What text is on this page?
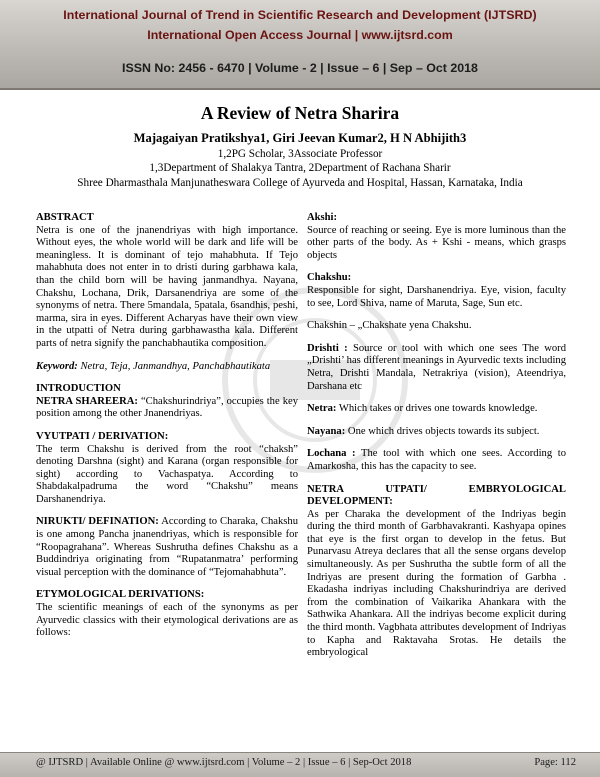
International Journal of Trend in Scientific Research and Development (IJTSRD)
International Open Access Journal | www.ijtsrd.com
ISSN No: 2456 - 6470 | Volume - 2 | Issue – 6 | Sep – Oct 2018
A Review of Netra Sharira
Majagaiyan Pratikshya1, Giri Jeevan Kumar2, H N Abhijith3
1,2PG Scholar, 3Associate Professor
1,3Department of Shalakya Tantra, 2Department of Rachana Sharir
Shree Dharmasthala Manjunatheswara College of Ayurveda and Hospital, Hassan, Karnataka, India
ABSTRACT

Netra is one of the jnanendriyas with high importance. Without eyes, the whole world will be dark and life will be meaningless. It is dominant of tejo mahabhuta. If Tejo mahabhuta does not enter in to dristi during garbhawa kala, than the child born will be having janmandhya. Nayana, Chakshu, Lochana, Drik, Darsanendriya are some of the synonyms of netra. There 5mandala, 5patala, 6sandhis, peshi, marma, sira in eyes. Different Acharyas have their own view in the utpatti of Netra during garbhawastha kala. Different parts of netra signify the panchabhautika composition.

Keyword: Netra, Teja, Janmandhya, Panchabhautikata

INTRODUCTION

NETRA SHAREERA: “Chakshurindriya”, occupies the key position among the other Jnanendriyas.

VYUTPATI / DERIVATION:

The term Chakshu is derived from the root “chaksh” denoting Darshna (sight) and Karana (organ responsible for sight) according to Vachaspatya. According to Shabdakalpadruma the word “Chakshu” means Darshanendriya.

NIRUKTI/ DEFINATION: According to Charaka, Chakshu is one among Pancha jnanendriyas, which is responsible for “Roopagrahana”. Whereas Sushrutha defines Chakshu as a Buddindriya originating from “Rupatanmatra’ performing visual perception with the dominance of “Tejomahabhuta”.

ETYMOLOGICAL DERIVATIONS:

The scientific meanings of each of the synonyms as per Ayurvedic classics with their etymological derivations are as follows:

Akshi:

Source of reaching or seeing. Eye is more luminous than the other parts of the body. As + Kshi - means, which grasps objects

Chakshu:

Responsible for sight, Darshanendriya. Eye, vision, faculty to see, Lord Shiva, name of Maruta, Sage, Sun etc.

Chakshin – „Chakshate yena Chakshu.

Drishti : Source or tool with which one sees The word „Drishti’ has different meanings in Ayurvedic texts including Netra, Drishti Mandala, Netrakriya (vision), Ateendriya, Darshana etc

Netra: Which takes or drives one towards knowledge.

Nayana: One which drives objects towards its subject.

Lochana : The tool with which one sees. According to Amarkosha, this has the capacity to see.

NETRA UTPATI/ EMBRYOLOGICAL DEVELOPMENT:

As per Charaka the development of the Indriyas begin during the third month of Garbhavakranti. Kashyapa opines that eye is the first organ to develop in the fetus. But Punarvasu Atreya declares that all the sense organs develop simultaneously. As per Sushrutha the subtle form of all the Indriyas are present during the formation of Garbha . Ekadasha indriyas including Chakshurindriya are derived from the combination of Vaikarika Ahankara with the Sathwika Ahankara. All the indriyas become explicit during the third month. Vagbhata attributes development of Indriyas to Kapha and Raktavaha Srotas. He details the embryological

@ IJTSRD | Available Online @ www.ijtsrd.com | Volume – 2 | Issue – 6 | Sep-Oct 2018	Page: 112
